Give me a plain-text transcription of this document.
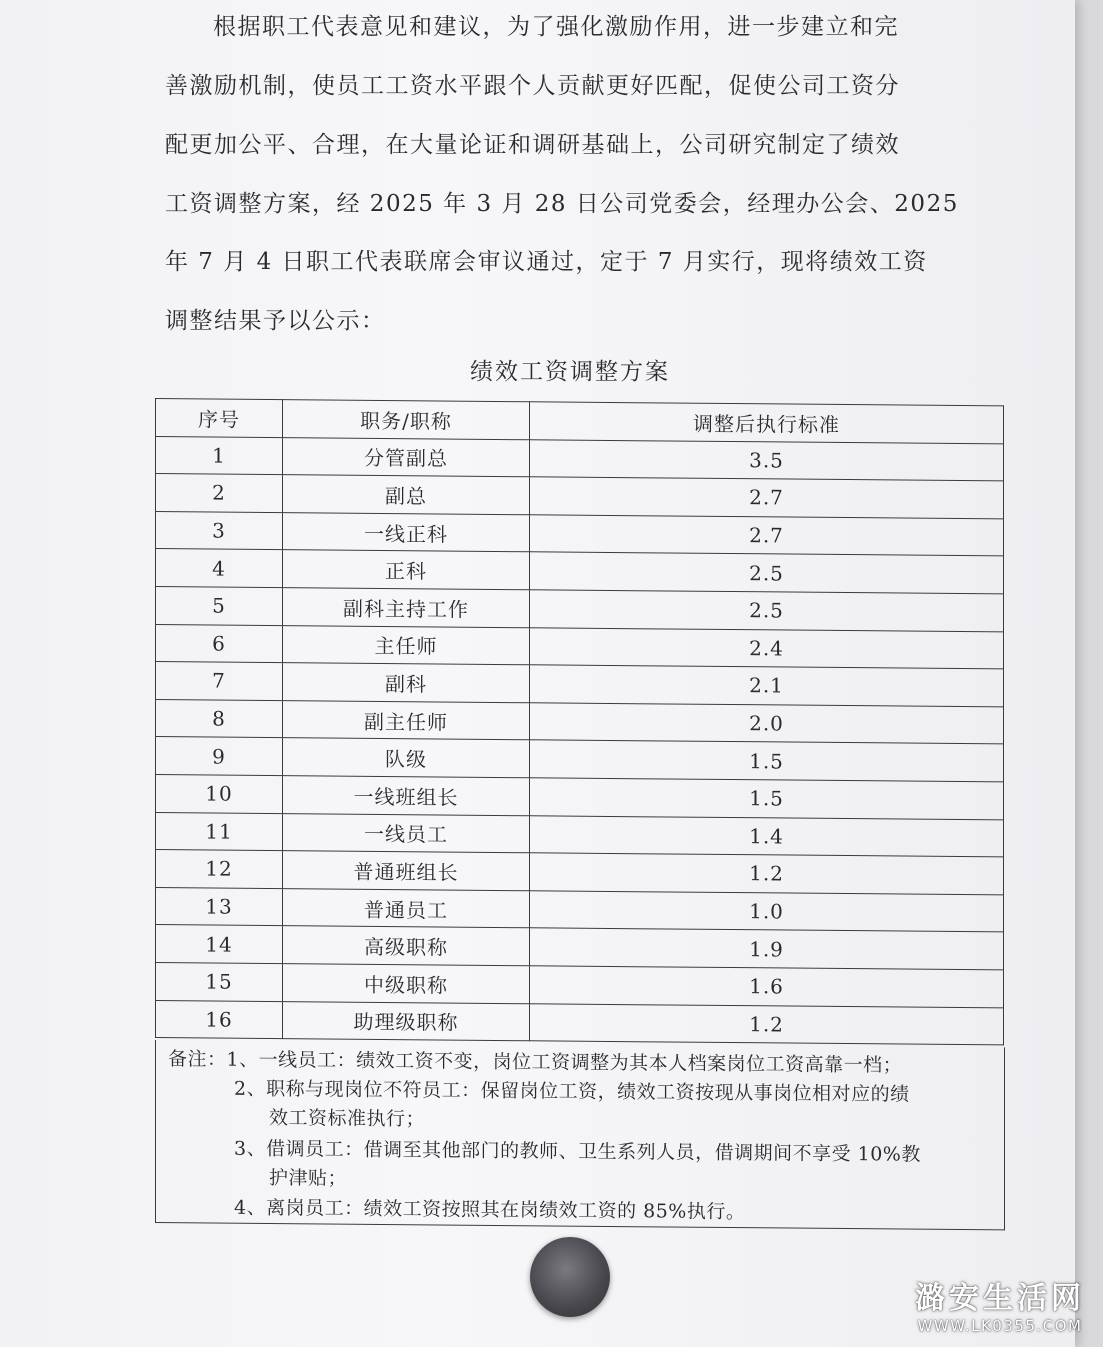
根据职工代表意见和建议，为了强化激励作用，进一步建立和完
善激励机制，使员工工资水平跟个人贡献更好匹配，促使公司工资分
配更加公平、合理，在大量论证和调研基础上，公司研究制定了绩效
工资调整方案，经 2025 年 3 月 28 日公司党委会，经理办公会、2025
年 7 月 4 日职工代表联席会审议通过，定于 7 月实行，现将绩效工资
调整结果予以公示：
绩效工资调整方案
序号	职务/职称	调整后执行标准
1	分管副总	3.5
2	副总	2.7
3	一线正科	2.7
4	正科	2.5
5	副科主持工作	2.5
6	主任师	2.4
7	副科	2.1
8	副主任师	2.0
9	队级	1.5
10	一线班组长	1.5
11	一线员工	1.4
12	普通班组长	1.2
13	普通员工	1.0
14	高级职称	1.9
15	中级职称	1.6
16	助理级职称	1.2
备注：1、一线员工：绩效工资不变，岗位工资调整为其本人档案岗位工资高靠一档；
2、职称与现岗位不符员工：保留岗位工资，绩效工资按现从事岗位相对应的绩
效工资标准执行；
3、借调员工：借调至其他部门的教师、卫生系列人员，借调期间不享受 10%教
护津贴；
4、离岗员工：绩效工资按照其在岗绩效工资的 85%执行。
潞安生活网
WWW.LK0355.COM
